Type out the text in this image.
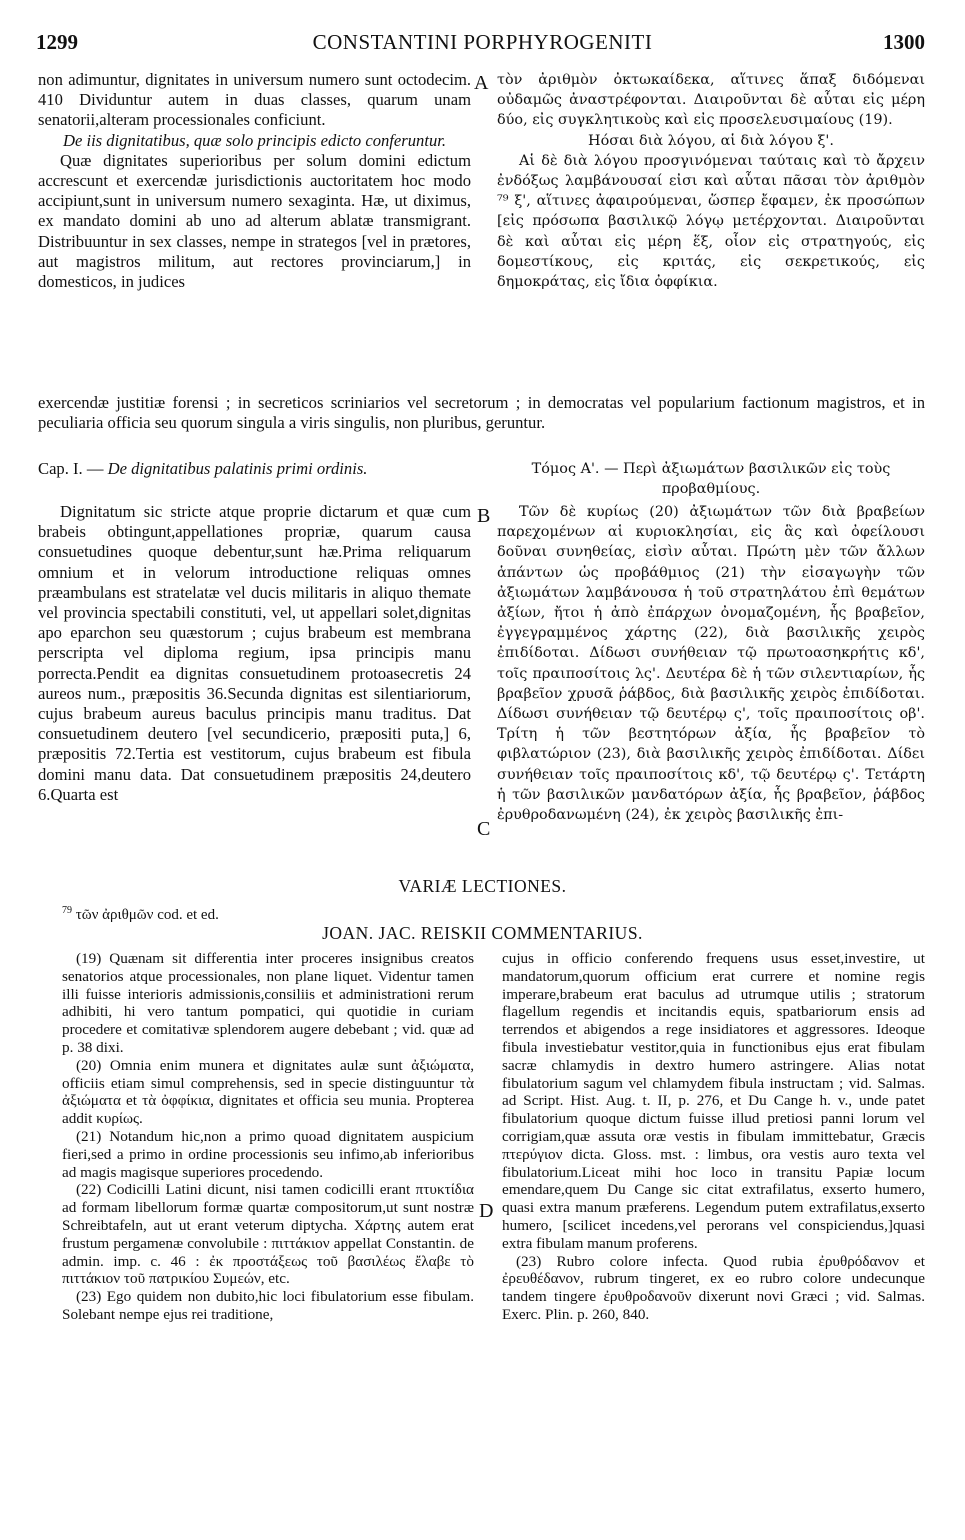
1299	CONSTANTINI PORPHYROGENITI	1300
A
B
C
D

non adimuntur, dignitates in universum numero sunt octodecim. 410 Dividuntur autem in duas classes, quarum unam senatorii,alteram processionales conficiunt.

De iis dignitatibus, quæ solo principis edicto conferuntur.

Quæ dignitates superioribus per solum domini edictum accrescunt et exercendæ jurisdictionis auctoritatem hoc modo accipiunt,sunt in universum numero sexaginta. Hæ, ut diximus, ex mandato domini ab uno ad alterum ablatæ transmigrant. Distribuuntur in sex classes, nempe in strategos [vel in prætores, aut magistros militum, aut rectores provinciarum,] in domesticos, in judices

τὸν ἀριθμὸν ὀκτωκαίδεκα, αἵτινες ἅπαξ διδόμεναι οὐδαμῶς ἀναστρέφονται. Διαιροῦνται δὲ αὗται εἰς μέρη δύο, εἰς συγκλητικοὺς καὶ εἰς προσελευσιμαίους (19).

Ηόσαι διὰ λόγου, αἱ διὰ λόγου ξ'.

Αἱ δὲ διὰ λόγου προσγινόμεναι ταύταις καὶ τὸ ἄρχειν ἐνδόξως λαμβάνουσαί εἰσι καὶ αὗται πᾶσαι τὸν ἀριθμὸν ⁷⁹ ξ', αἵτινες ἀφαιρούμεναι, ὥσπερ ἔφαμεν, ἐκ προσώπων [εἰς πρόσωπα βασιλικῷ λόγῳ μετέρχονται. Διαιροῦνται δὲ καὶ αὗται εἰς μέρη ἕξ, οἷον εἰς στρατηγούς, εἰς δομεστίκους, εἰς κριτάς, εἰς σεκρετικούς, εἰς δημοκράτας, εἰς ἴδια ὀφφίκια.

exercendæ justitiæ forensi ; in secreticos scriniarios vel secretorum ; in democratas vel popularium factionum magistros, et in peculiaria officia seu quorum singula a viris singulis, non pluribus, geruntur.

Cap. I. — De dignitatibus palatinis primi ordinis.	Τόμος Α'. — Περὶ ἀξιωμάτων βασιλικῶν εἰς τοὺς προβαθμίους.

Dignitatum sic stricte atque proprie dictarum et quæ cum brabeis obtingunt,appellationes propriæ, quarum causa consuetudines quoque debentur,sunt hæ.Prima reliquarum omnium et in velorum introductione reliquas omnes præambulans est stratelatæ vel ducis militaris in aliquo themate vel provincia spectabili constituti, vel, ut appellari solet,dignitas apo eparchon seu quæstorum ; cujus brabeum est membrana perscripta vel diploma regium, ipsa principis manu porrecta.Pendit ea dignitas consuetudinem protoasecretis 24 aureos num., præpositis 36.Secunda dignitas est silentiariorum, cujus brabeum aureus baculus principis manu traditus. Dat consuetudinem deutero [vel secundicerio, præpositi puta,] 6, præpositis 72.Tertia est vestitorum, cujus brabeum est fibula domini manu data. Dat consuetudinem præpositis 24,deutero 6.Quarta est

Τῶν δὲ κυρίως (20) ἀξιωμάτων τῶν διὰ βραβείων παρεχομένων αἱ κυριοκλησίαι, εἰς ἃς καὶ ὀφείλουσι δοῦναι συνηθείας, εἰσὶν αὗται. Πρώτη μὲν τῶν ἄλλων ἁπάντων ὡς προβάθμιος (21) τὴν εἰσαγωγὴν τῶν ἀξιωμάτων λαμβάνουσα ἡ τοῦ στρατηλάτου ἐπὶ θεμάτων ἀξίων, ἤτοι ἡ ἀπὸ ἐπάρχων ὀνομαζομένη, ἧς βραβεῖον, ἐγγεγραμμένος χάρτης (22), διὰ βασιλικῆς χειρὸς ἐπιδίδοται. Δίδωσι συνήθειαν τῷ πρωτοασηκρήτις κδ', τοῖς πραιποσίτοις λς'. Δευτέρα δὲ ἡ τῶν σιλεντιαρίων, ἧς βραβεῖον χρυσᾶ ῥάβδος, διὰ βασιλικῆς χειρὸς ἐπιδίδοται. Δίδωσι συνήθειαν τῷ δευτέρῳ ς', τοῖς πραιποσίτοις οβ'. Τρίτη ἡ τῶν βεστητόρων ἀξία, ἧς βραβεῖον τὸ φιβλατώριον (23), διὰ βασιλικῆς χειρὸς ἐπιδίδοται. Δίδει συνήθειαν τοῖς πραιποσίτοις κδ', τῷ δευτέρῳ ς'. Τετάρτη ἡ τῶν βασιλικῶν μανδατόρων ἀξία, ἧς βραβεῖον, ῥάβδος ἐρυθροδανωμένη (24), ἐκ χειρὸς βασιλικῆς ἐπι-

VARIÆ LECTIONES.
$^{79}$ τῶν ἀριθμῶν cod. et ed.
JOAN. JAC. REISKII COMMENTARIUS.

(19) Quænam sit differentia inter proceres insignibus creatos senatorios atque processionales, non plane liquet. Videntur tamen illi fuisse interioris admissionis,consiliis et administrationi rerum adhibiti, hi vero tantum pompatici, qui quotidie in curiam procedere et comitativæ splendorem augere debebant ; vid. quæ ad p. 38 dixi.

(20) Omnia enim munera et dignitates aulæ sunt ἀξιώματα, officiis etiam simul comprehensis, sed in specie distinguuntur τὰ ἀξιώματα et τὰ ὀφφίκια, dignitates et officia seu munia. Propterea addit κυρίως.

(21) Notandum hic,non a primo quoad dignitatem auspicium fieri,sed a primo in ordine processionis seu infimo,ab inferioribus ad magis magisque superiores procedendo.

(22) Codicilli Latini dicunt, nisi tamen codicilli erant πτυκτίδια ad formam libellorum formæ quartæ compositorum,ut sunt nostræ Schreibtafeln, aut ut erant veterum diptycha. Χάρτης autem erat frustum pergamenæ convolubile : πιττάκιον appellat Constantin. de admin. imp. c. 46 : ἐκ προστάξεως τοῦ βασιλέως ἔλαβε τὸ πιττάκιον τοῦ πατρικίου Συμεών, etc.

(23) Ego quidem non dubito,hic loci fibulatorium esse fibulam. Solebant nempe ejus rei traditione,

cujus in officio conferendo frequens usus esset,investire, ut mandatorum,quorum officium erat currere et nomine regis imperare,brabeum erat baculus ad utrumque utilis ; stratorum flagellum regendis et incitandis equis, spatbariorum ensis ad terrendos et abigendos a rege insidiatores et aggressores. Ideoque fibula investiebatur vestitor,quia in functionibus ejus erat fibulam sacræ chlamydis in dextro humero astringere. Alias notat fibulatorium sagum vel chlamydem fibula instructam ; vid. Salmas. ad Script. Hist. Aug. t. II, p. 276, et Du Cange h. v., unde patet fibulatorium quoque dictum fuisse illud pretiosi panni lorum vel corrigiam,quæ assuta oræ vestis in fibulam immittebatur, Græcis πτερύγιον dicta. Gloss. mst. : limbus, ora vestis auro texta vel fibulatorium.Liceat mihi hoc loco in transitu Papiæ locum emendare,quem Du Cange sic citat extrafilatus, exserto humero, quasi extra manum præferens. Legendum putem extrafilatus,exserto humero, [scilicet incedens,vel perorans vel conspiciendus,]quasi extra fibulam manum proferens.

(23) Rubro colore infecta. Quod rubia ἐρυθρόδανον et ἐρευθέδανον, rubrum tingeret, ex eo rubro colore undecunque tandem tingere ἐρυθροδανοῦν dixerunt novi Græci ; vid. Salmas. Exerc. Plin. p. 260, 840.
